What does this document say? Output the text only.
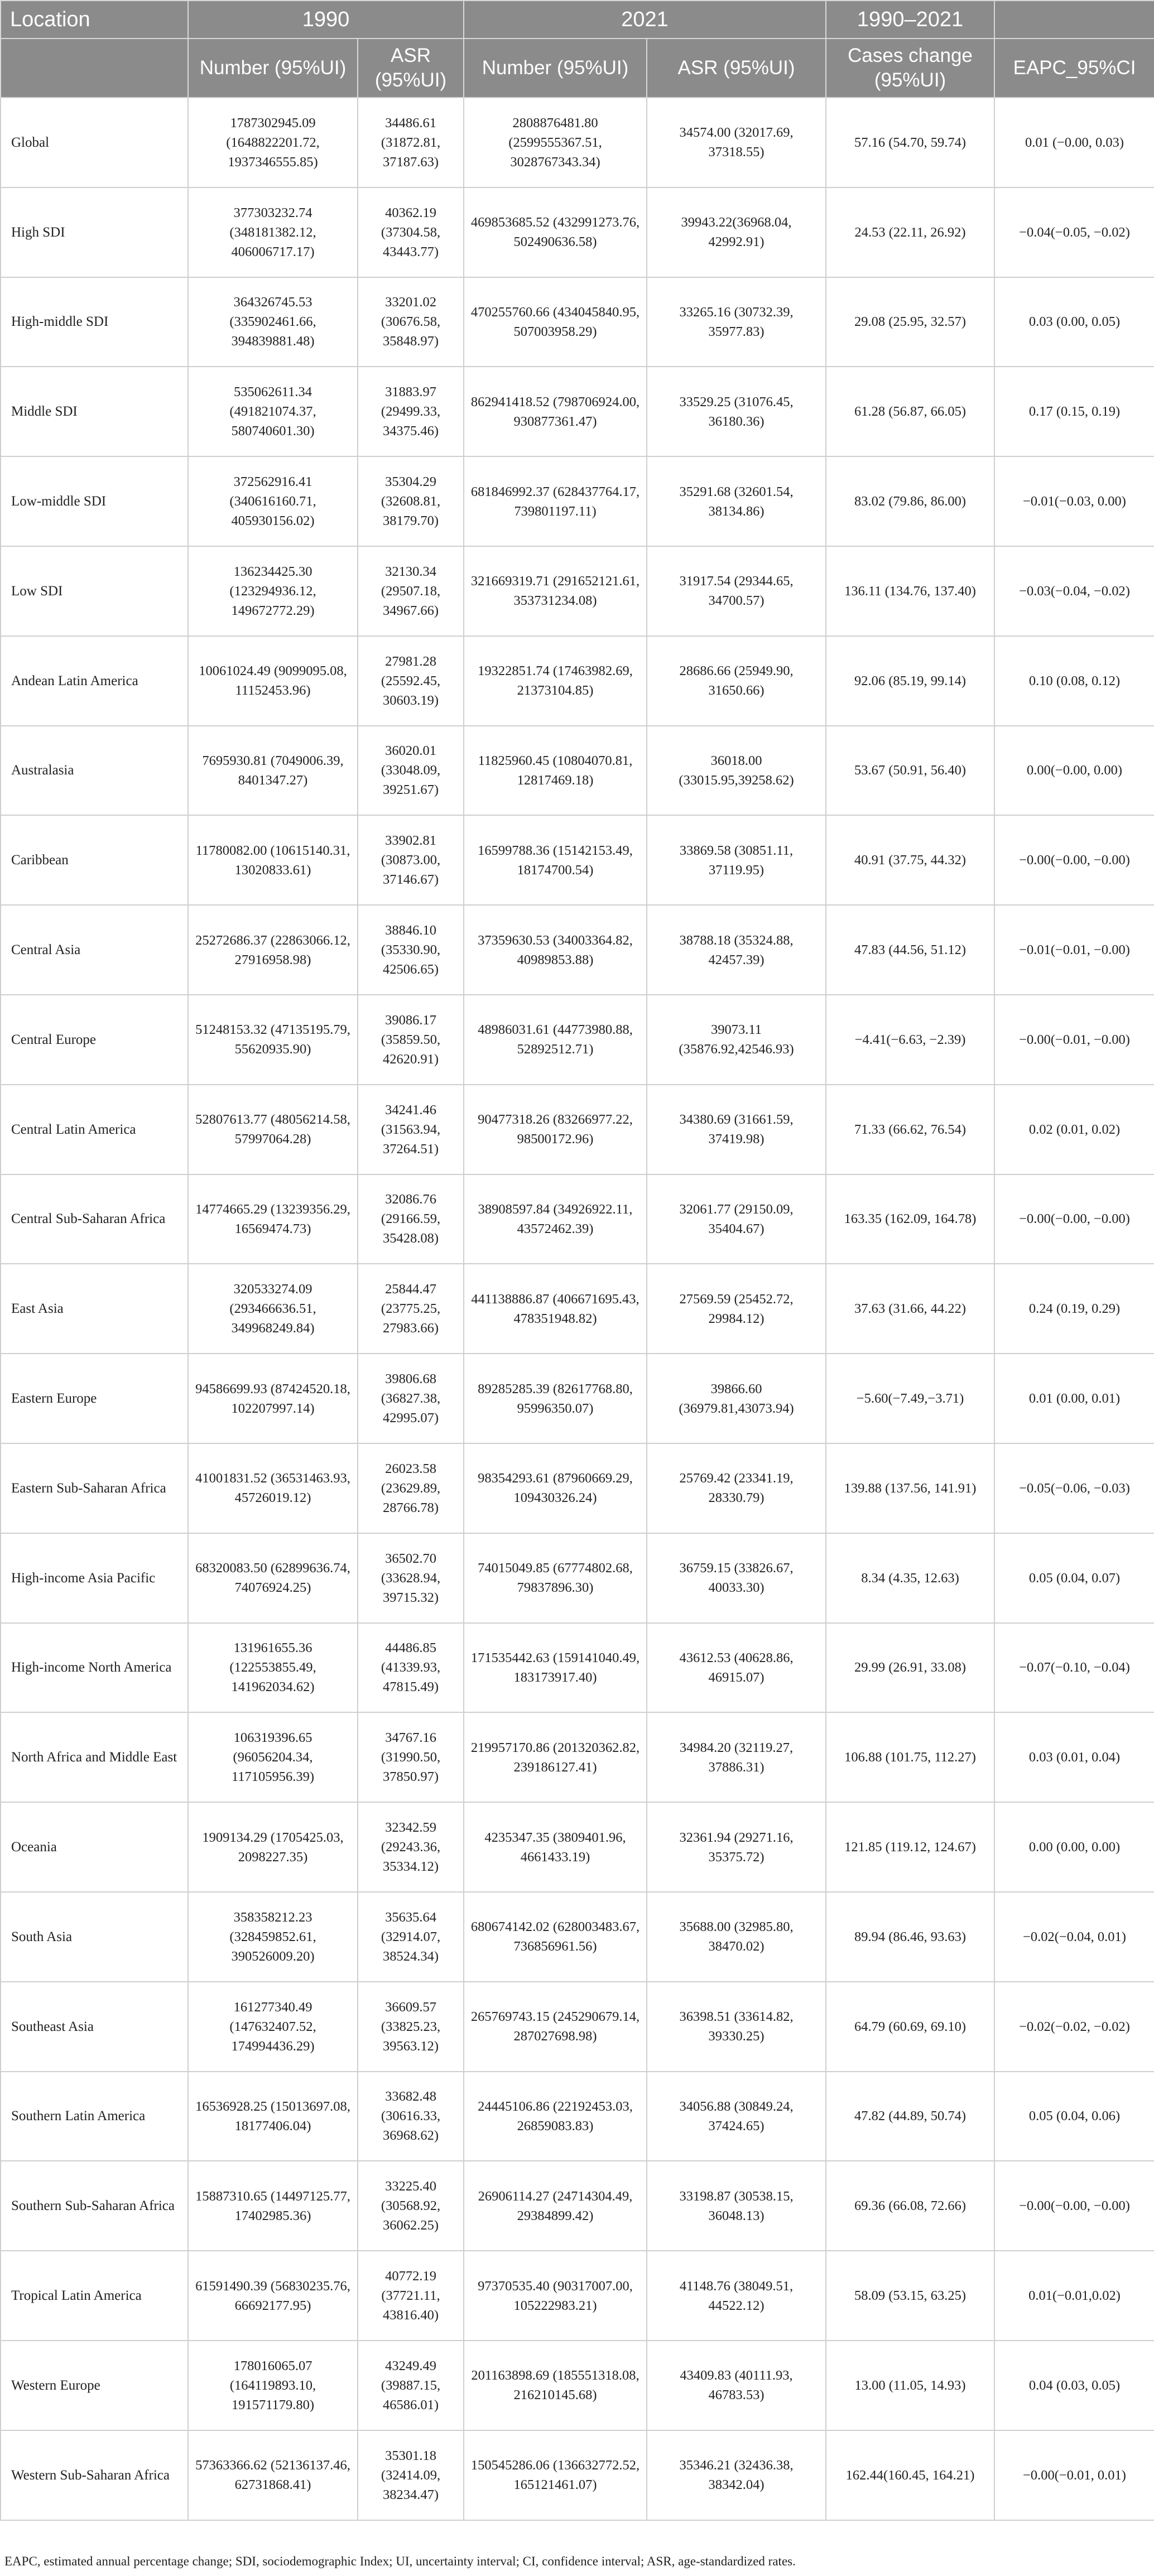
Location	1990		2021		1990–2021	
	Number (95%UI)	ASR (95%UI)	Number (95%UI)	ASR (95%UI)	Cases change (95%UI)	EAPC_95%CI
Global	1787302945.09 (1648822201.72, 1937346555.85)	34486.61 (31872.81, 37187.63)	2808876481.80 (2599555367.51, 3028767343.34)	34574.00 (32017.69, 37318.55)	57.16 (54.70, 59.74)	0.01 (−0.00, 0.03)
High SDI	377303232.74 (348181382.12, 406006717.17)	40362.19 (37304.58, 43443.77)	469853685.52 (432991273.76, 502490636.58)	39943.22(36968.04, 42992.91)	24.53 (22.11, 26.92)	−0.04(−0.05, −0.02)
High-middle SDI	364326745.53 (335902461.66, 394839881.48)	33201.02 (30676.58, 35848.97)	470255760.66 (434045840.95, 507003958.29)	33265.16 (30732.39, 35977.83)	29.08 (25.95, 32.57)	0.03 (0.00, 0.05)
Middle SDI	535062611.34 (491821074.37, 580740601.30)	31883.97 (29499.33, 34375.46)	862941418.52 (798706924.00, 930877361.47)	33529.25 (31076.45, 36180.36)	61.28 (56.87, 66.05)	0.17 (0.15, 0.19)
Low-middle SDI	372562916.41 (340616160.71, 405930156.02)	35304.29 (32608.81, 38179.70)	681846992.37 (628437764.17, 739801197.11)	35291.68 (32601.54, 38134.86)	83.02 (79.86, 86.00)	−0.01(−0.03, 0.00)
Low SDI	136234425.30 (123294936.12, 149672772.29)	32130.34 (29507.18, 34967.66)	321669319.71 (291652121.61, 353731234.08)	31917.54 (29344.65, 34700.57)	136.11 (134.76, 137.40)	−0.03(−0.04, −0.02)
Andean Latin America	10061024.49 (9099095.08, 11152453.96)	27981.28 (25592.45, 30603.19)	19322851.74 (17463982.69, 21373104.85)	28686.66 (25949.90, 31650.66)	92.06 (85.19, 99.14)	0.10 (0.08, 0.12)
Australasia	7695930.81 (7049006.39, 8401347.27)	36020.01 (33048.09, 39251.67)	11825960.45 (10804070.81, 12817469.18)	36018.00 (33015.95,39258.62)	53.67 (50.91, 56.40)	0.00(−0.00, 0.00)
Caribbean	11780082.00 (10615140.31, 13020833.61)	33902.81 (30873.00, 37146.67)	16599788.36 (15142153.49, 18174700.54)	33869.58 (30851.11, 37119.95)	40.91 (37.75, 44.32)	−0.00(−0.00, −0.00)
Central Asia	25272686.37 (22863066.12, 27916958.98)	38846.10 (35330.90, 42506.65)	37359630.53 (34003364.82, 40989853.88)	38788.18 (35324.88, 42457.39)	47.83 (44.56, 51.12)	−0.01(−0.01, −0.00)
Central Europe	51248153.32 (47135195.79, 55620935.90)	39086.17 (35859.50, 42620.91)	48986031.61 (44773980.88, 52892512.71)	39073.11 (35876.92,42546.93)	−4.41(−6.63, −2.39)	−0.00(−0.01, −0.00)
Central Latin America	52807613.77 (48056214.58, 57997064.28)	34241.46 (31563.94, 37264.51)	90477318.26 (83266977.22, 98500172.96)	34380.69 (31661.59, 37419.98)	71.33 (66.62, 76.54)	0.02 (0.01, 0.02)
Central Sub-Saharan Africa	14774665.29 (13239356.29, 16569474.73)	32086.76 (29166.59, 35428.08)	38908597.84 (34926922.11, 43572462.39)	32061.77 (29150.09, 35404.67)	163.35 (162.09, 164.78)	−0.00(−0.00, −0.00)
East Asia	320533274.09 (293466636.51, 349968249.84)	25844.47 (23775.25, 27983.66)	441138886.87 (406671695.43, 478351948.82)	27569.59 (25452.72, 29984.12)	37.63 (31.66, 44.22)	0.24 (0.19, 0.29)
Eastern Europe	94586699.93 (87424520.18, 102207997.14)	39806.68 (36827.38, 42995.07)	89285285.39 (82617768.80, 95996350.07)	39866.60 (36979.81,43073.94)	−5.60(−7.49,−3.71)	0.01 (0.00, 0.01)
Eastern Sub-Saharan Africa	41001831.52 (36531463.93, 45726019.12)	26023.58 (23629.89, 28766.78)	98354293.61 (87960669.29, 109430326.24)	25769.42 (23341.19, 28330.79)	139.88 (137.56, 141.91)	−0.05(−0.06, −0.03)
High-income Asia Pacific	68320083.50 (62899636.74, 74076924.25)	36502.70 (33628.94, 39715.32)	74015049.85 (67774802.68, 79837896.30)	36759.15 (33826.67, 40033.30)	8.34 (4.35, 12.63)	0.05 (0.04, 0.07)
High-income North America	131961655.36 (122553855.49, 141962034.62)	44486.85 (41339.93, 47815.49)	171535442.63 (159141040.49, 183173917.40)	43612.53 (40628.86, 46915.07)	29.99 (26.91, 33.08)	−0.07(−0.10, −0.04)
North Africa and Middle East	106319396.65 (96056204.34, 117105956.39)	34767.16 (31990.50, 37850.97)	219957170.86 (201320362.82, 239186127.41)	34984.20 (32119.27, 37886.31)	106.88 (101.75, 112.27)	0.03 (0.01, 0.04)
Oceania	1909134.29 (1705425.03, 2098227.35)	32342.59 (29243.36, 35334.12)	4235347.35 (3809401.96, 4661433.19)	32361.94 (29271.16, 35375.72)	121.85 (119.12, 124.67)	0.00 (0.00, 0.00)
South Asia	358358212.23 (328459852.61, 390526009.20)	35635.64 (32914.07, 38524.34)	680674142.02 (628003483.67, 736856961.56)	35688.00 (32985.80, 38470.02)	89.94 (86.46, 93.63)	−0.02(−0.04, 0.01)
Southeast Asia	161277340.49 (147632407.52, 174994436.29)	36609.57 (33825.23, 39563.12)	265769743.15 (245290679.14, 287027698.98)	36398.51 (33614.82, 39330.25)	64.79 (60.69, 69.10)	−0.02(−0.02, −0.02)
Southern Latin America	16536928.25 (15013697.08, 18177406.04)	33682.48 (30616.33, 36968.62)	24445106.86 (22192453.03, 26859083.83)	34056.88 (30849.24, 37424.65)	47.82 (44.89, 50.74)	0.05 (0.04, 0.06)
Southern Sub-Saharan Africa	15887310.65 (14497125.77, 17402985.36)	33225.40 (30568.92, 36062.25)	26906114.27 (24714304.49, 29384899.42)	33198.87 (30538.15, 36048.13)	69.36 (66.08, 72.66)	−0.00(−0.00, −0.00)
Tropical Latin America	61591490.39 (56830235.76, 66692177.95)	40772.19 (37721.11, 43816.40)	97370535.40 (90317007.00, 105222983.21)	41148.76 (38049.51, 44522.12)	58.09 (53.15, 63.25)	0.01(−0.01,0.02)
Western Europe	178016065.07 (164119893.10, 191571179.80)	43249.49 (39887.15, 46586.01)	201163898.69 (185551318.08, 216210145.68)	43409.83 (40111.93, 46783.53)	13.00 (11.05, 14.93)	0.04 (0.03, 0.05)
Western Sub-Saharan Africa	57363366.62 (52136137.46, 62731868.41)	35301.18 (32414.09, 38234.47)	150545286.06 (136632772.52, 165121461.07)	35346.21 (32436.38, 38342.04)	162.44(160.45, 164.21)	−0.00(−0.01, 0.01)
EAPC, estimated annual percentage change; SDI, sociodemographic Index; UI, uncertainty interval; CI, confidence interval; ASR, age-standardized rates.
